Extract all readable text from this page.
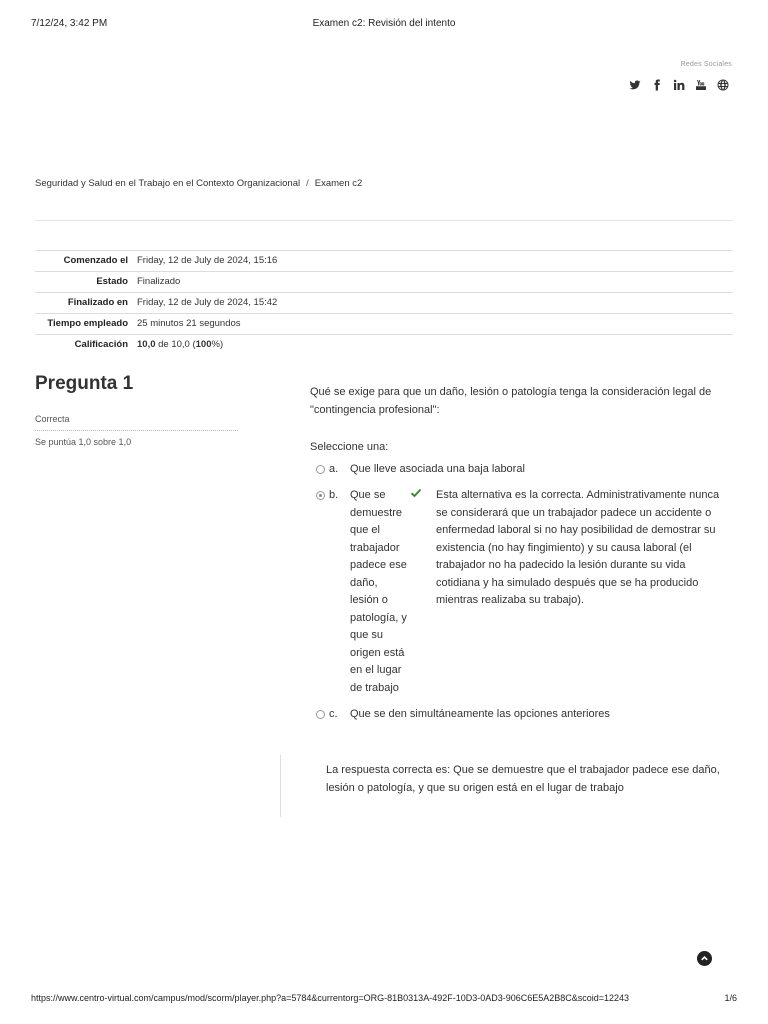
7/12/24, 3:42 PM	Examen c2: Revisión del intento
Redes Sociales
Seguridad y Salud en el Trabajo en el Contexto Organizacional / Examen c2
Comenzado el	Friday, 12 de July de 2024, 15:16
Estado	Finalizado
Finalizado en	Friday, 12 de July de 2024, 15:42
Tiempo empleado	25 minutos 21 segundos
Calificación	10,0 de 10,0 (100%)
Pregunta 1
Correcta
Se puntúa 1,0 sobre 1,0
Qué se exige para que un daño, lesión o patología tenga la consideración legal de "contingencia profesional":
Seleccione una:
a. Que lleve asociada una baja laboral
b. Que se demuestre que el trabajador padece ese daño, lesión o patología, y que su origen está en el lugar de trabajo
Esta alternativa es la correcta. Administrativamente nunca se considerará que un trabajador padece un accidente o enfermedad laboral si no hay posibilidad de demostrar su existencia (no hay fingimiento) y su causa laboral (el trabajador no ha padecido la lesión durante su vida cotidiana y ha simulado después que se ha producido mientras realizaba su trabajo).
c. Que se den simultáneamente las opciones anteriores
La respuesta correcta es: Que se demuestre que el trabajador padece ese daño, lesión o patología, y que su origen está en el lugar de trabajo
https://www.centro-virtual.com/campus/mod/scorm/player.php?a=5784&currentorg=ORG-81B0313A-492F-10D3-0AD3-906C6E5A2B8C&scoid=12243	1/6
